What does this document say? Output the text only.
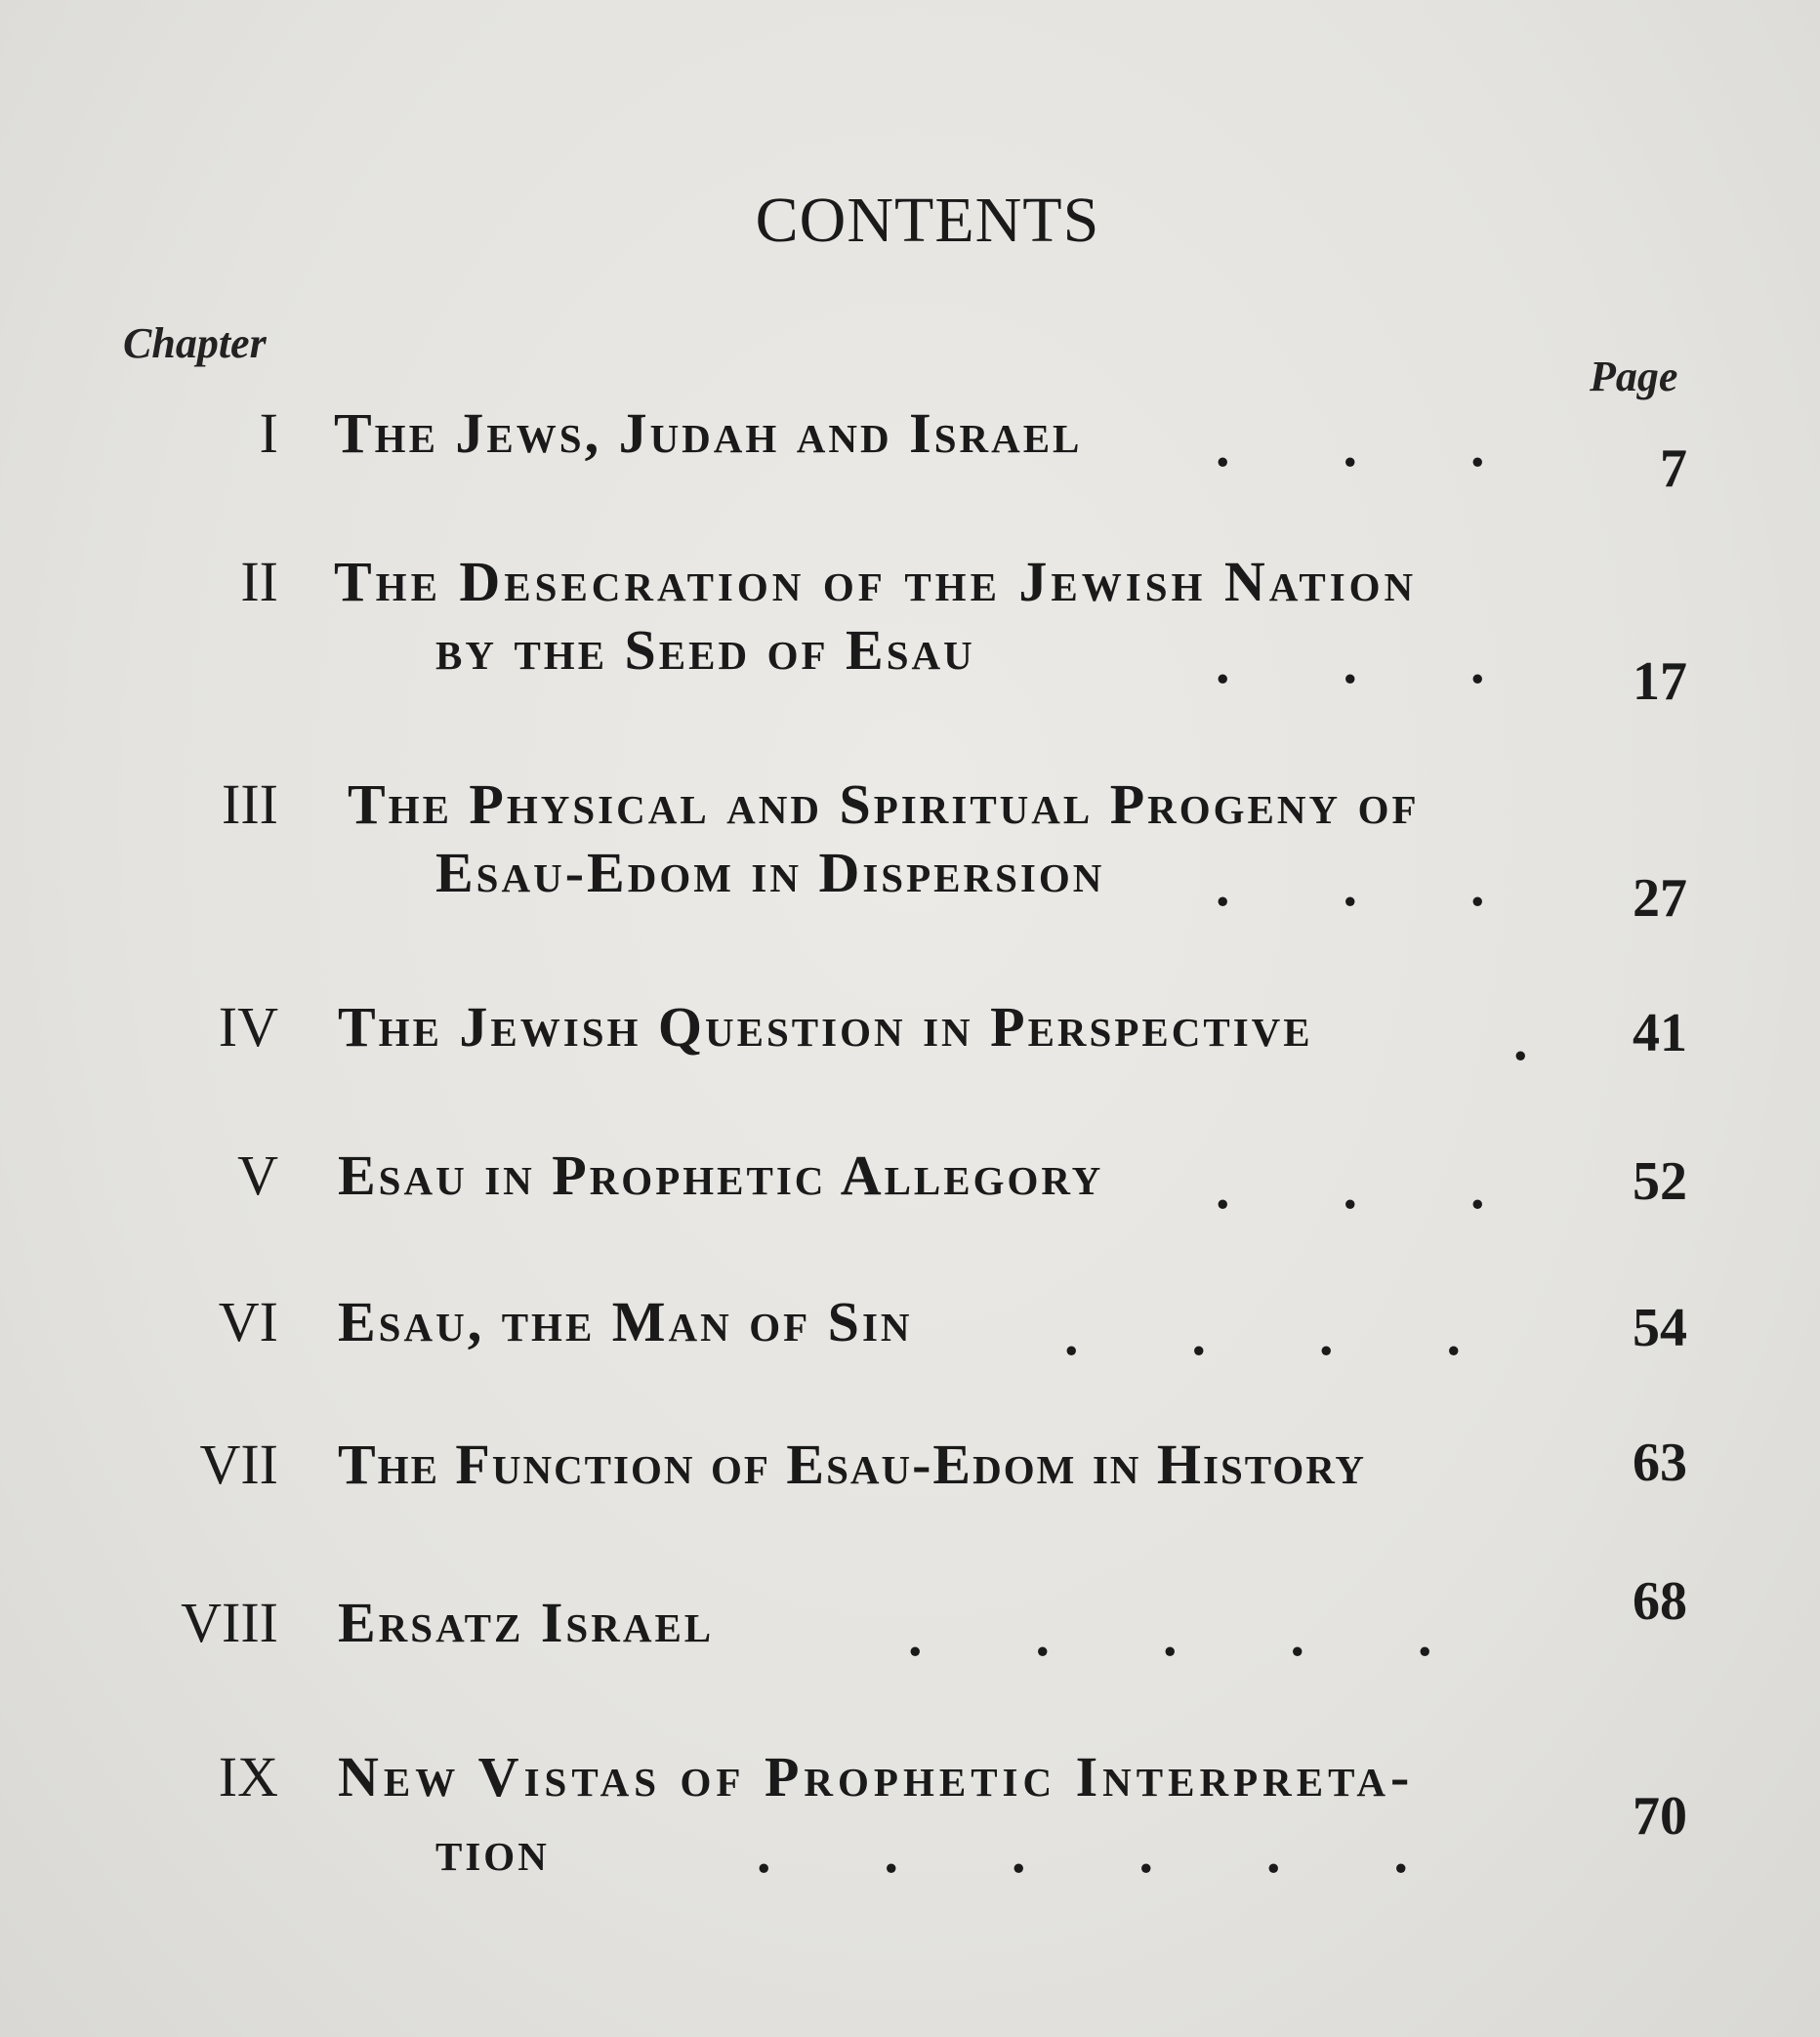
CONTENTS
Chapter
Page
I The Jews, Judah and Israel .        .        .	7
II The Desecration of the Jewish Nation
by the Seed of Esau	.        .        .	17
III The Physical and Spiritual Progeny of
Esau-Edom in Dispersion .        .        .	27
IV The Jewish Question in Perspective	. 41
V Esau in Prophetic Allegory .        .        .	52
VI Esau, the Man of Sin	.        .        .        .	54
VII The Function of Esau-Edom in History	63
VIII Ersatz Israel	.        .        .        .        .
68
IX New Vistas of Prophetic Interpreta-
tion	.        .        .        .        .        .
70
